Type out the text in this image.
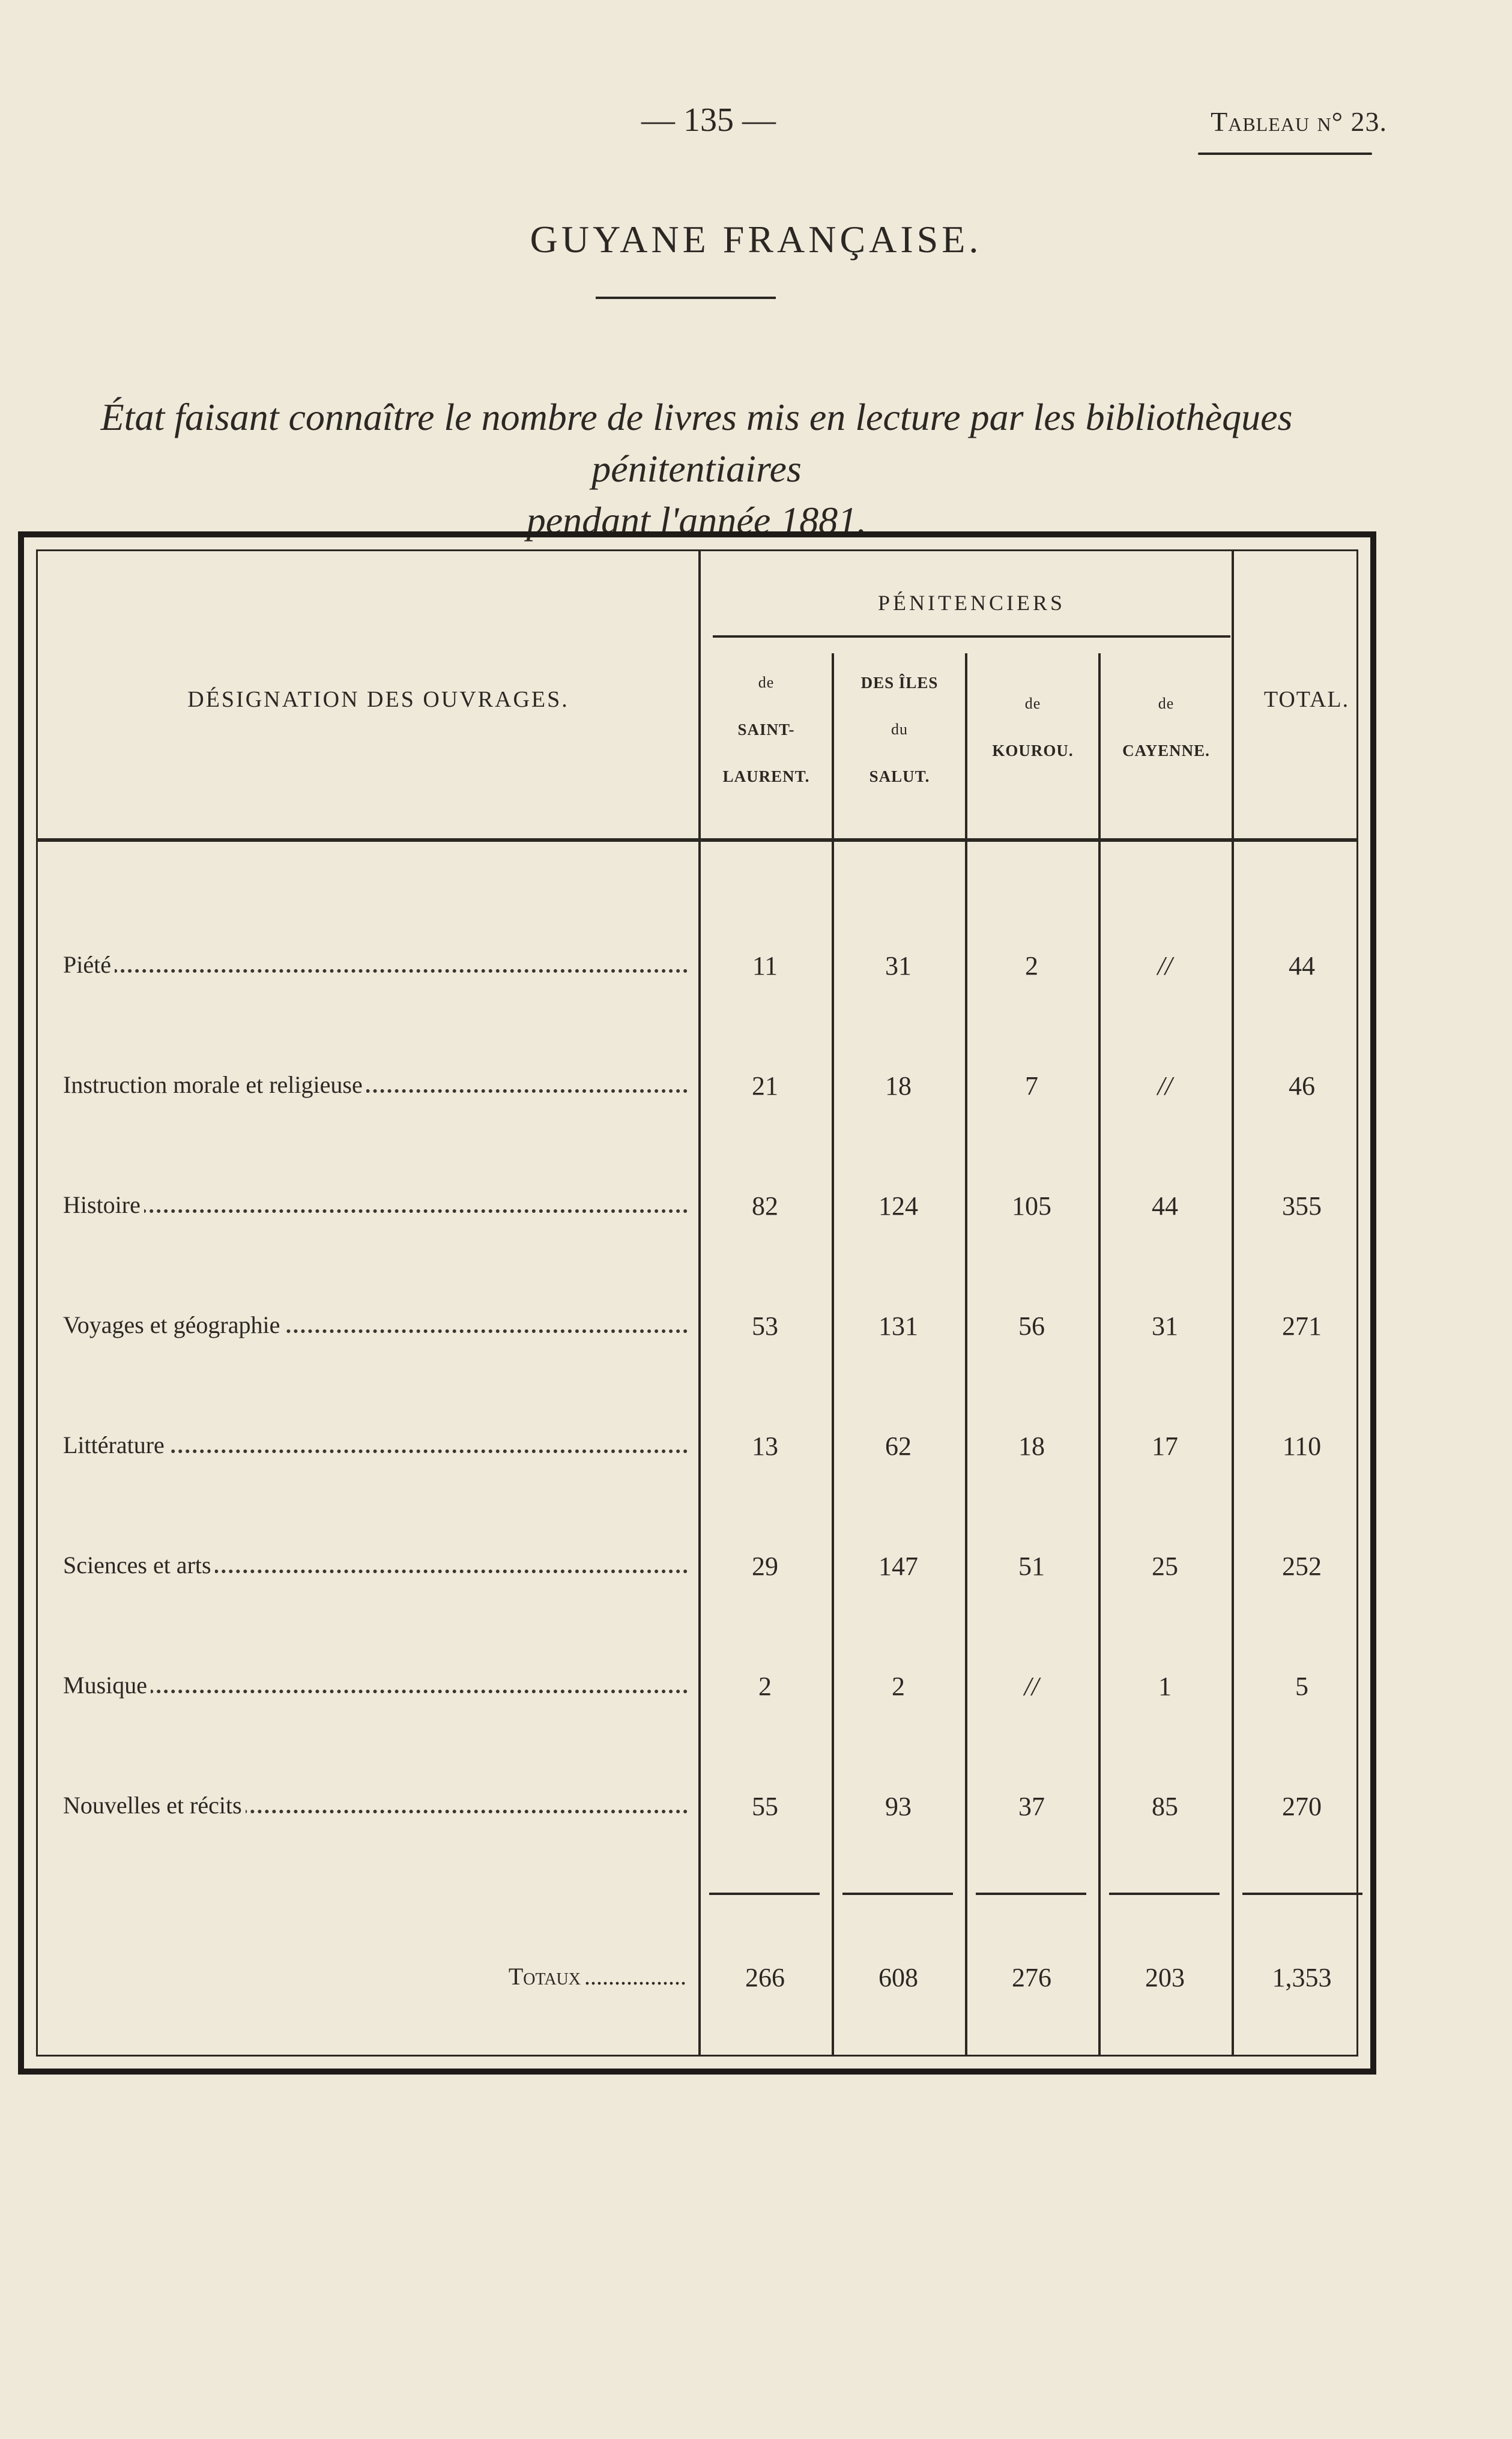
— 135 —	Tableau n° 23.
GUYANE FRANÇAISE.
État faisant connaître le nombre de livres mis en lecture par les bibliothèques pénitentiaires
pendant l'année 1881.
PÉNITENCIERS
DÉSIGNATION DES OUVRAGES.	TOTAL.
de
SAINT-
LAURENT.
DES ÎLES
du
SALUT.
de
KOUROU.
de
CAYENNE.
Piété	11	31	2	//	44
Instruction morale et religieuse	21	18	7	//	46
Histoire	82	124	105	44	355
Voyages et géographie	53	131	56	31	271
Littérature	13	62	18	17	110
Sciences et arts	29	147	51	25	252
Musique	2	2	//	1	5
Nouvelles et récits	55	93	37	85	270
Totaux .................	266	608	276	203	1,353
